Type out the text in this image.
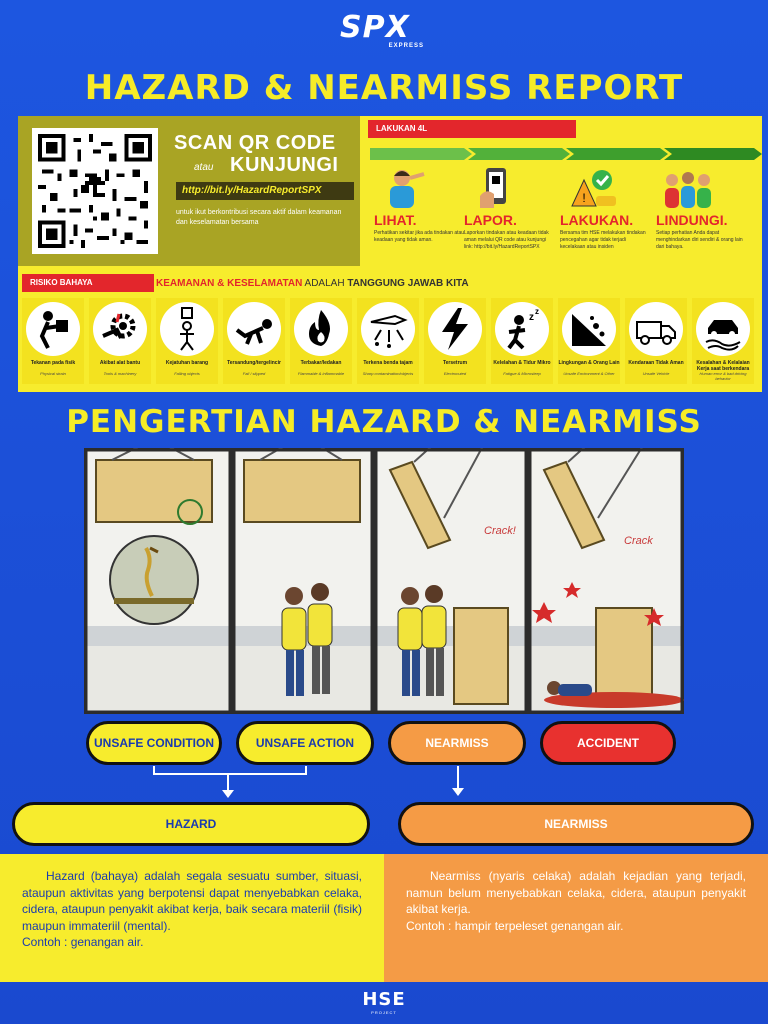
SPX
EXPRESS
HAZARD & NEARMISS REPORT
SCAN QR CODE
atau KUNJUNGI
http://bit.ly/HazardReportSPX
untuk ikut berkontribusi secara aktif dalam keamanan dan keselamatan bersama
LAKUKAN 4L
LIHAT.
Perhatikan sekitar jika ada tindakan atau keadaan yang tidak aman.
LAPOR.
Laporkan tindakan atau keadaan tidak aman melalui QR code atau kunjungi link: http://bit.ly/HazardReportSPX
!
LAKUKAN.
Bersama tim HSE melakukan tindakan pencegahan agar tidak terjadi kecelakaan atau insiden
LINDUNGI.
Setiap perhatian Anda dapat menghindarkan diri sendiri & orang lain dari bahaya.
RISIKO BAHAYA	KEAMANAN & KESELAMATAN ADALAH TANGGUNG JAWAB KITA
Tekanan pada fisik
Physical strain
Akibat alat bantu
Tools & machinery
Kejatuhan barang
Falling objects
Tersandung/tergelincir
Fall / slipped
Terbakar/ledakan
Flammable & inflammable
Terkena benda tajam
Sharp contamination/objects
Tersetrum
Electrocuted
z
z
Kelelahan & Tidur Mikro
Fatigue & Microsleep
Lingkungan & Orang Lain
Unsafe Environment & Other
Kendaraan Tidak Aman
Unsafe Vehicle
Kesalahan & Kelalaian Kerja saat berkendara
Human error & bad driving behavior
PENGERTIAN HAZARD & NEARMISS
Crack!
Crack
UNSAFE CONDITION	UNSAFE ACTION	NEARMISS	ACCIDENT
HAZARD	NEARMISS

Hazard (bahaya) adalah segala sesuatu sumber, situasi, ataupun aktivitas yang berpotensi dapat menyebabkan celaka, cidera, ataupun penyakit akibat kerja, baik secara materiil (fisik) maupun immateriil (mental).

Contoh : genangan air.

Nearmiss (nyaris celaka) adalah kejadian yang terjadi, namun belum menyebabkan celaka, cidera, ataupun penyakit akibat kerja.

Contoh : hampir terpeleset genangan air.

HSE
PROJECT
